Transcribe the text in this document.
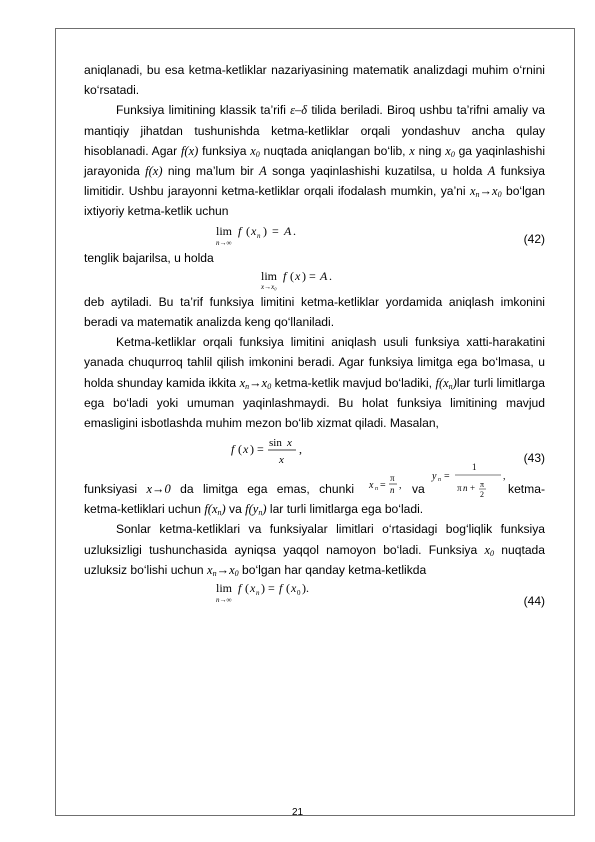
aniqlanadi, bu esa ketma-ketliklar nazariyasining matematik analizdagi muhim o‘rnini ko‘rsatadi.

Funksiya limitining klassik ta’rifi ε–δ tilida beriladi. Biroq ushbu ta’rifni amaliy va mantiqiy jihatdan tushunishda ketma-ketliklar orqali yondashuv ancha qulay hisoblanadi. Agar f(x) funksiya $x_0$ nuqtada aniqlangan bo‘lib, x ning $x_0$ ga yaqinlashishi jarayonida f(x) ning ma’lum bir A songa yaqinlashishi kuzatilsa, u holda A funksiya limitidir. Ushbu jarayonni ketma-ketliklar orqali ifodalash mumkin, ya’ni $x_n\to x_0$ bo‘lgan ixtiyoriy ketma-ketlik uchun

lim
n→∞
f ( x n ) = A .
(42)

tenglik bajarilsa, u holda

lim
x→x₀
f ( x ) = A .

deb aytiladi. Bu ta’rif funksiya limitini ketma-ketliklar yordamida aniqlash imkonini beradi va matematik analizda keng qo‘llaniladi.

Ketma-ketliklar orqali funksiya limitini aniqlash usuli funksiya xatti-harakatini yanada chuqurroq tahlil qilish imkonini beradi. Agar funksiya limitga ega bo‘lmasa, u holda shunday kamida ikkita $x_n\to x_0$ ketma-ketlik mavjud bo‘ladiki, $f(x_n)lar$ turli limitlarga ega bo‘ladi yoki umuman yaqinlashmaydi. Bu holat funksiya limitining mavjud emasligini isbotlashda muhim mezon bo‘lib xizmat qiladi. Masalan,

f ( x ) = sin x
x
,
(43)
funksiyasi x→0 da limitga ega emas, chunki x n =
π
n , va
y n =
1
π n + π
2
,
ketma-

ketma-ketliklari uchun $f(x_n)$ va $f(y_n)$ lar turli limitlarga ega bo‘ladi.

Sonlar ketma-ketliklari va funksiyalar limitlari o‘rtasidagi bog‘liqlik funksiya uzluksizligi tushunchasida ayniqsa yaqqol namoyon bo‘ladi. Funksiya $x_0$ nuqtada uzluksiz bo‘lishi uchun $x_n\to x_0$ bo‘lgan har qanday ketma-ketlikda

lim
n→∞
f ( x n ) = f ( x 0 ).
(44)
21
